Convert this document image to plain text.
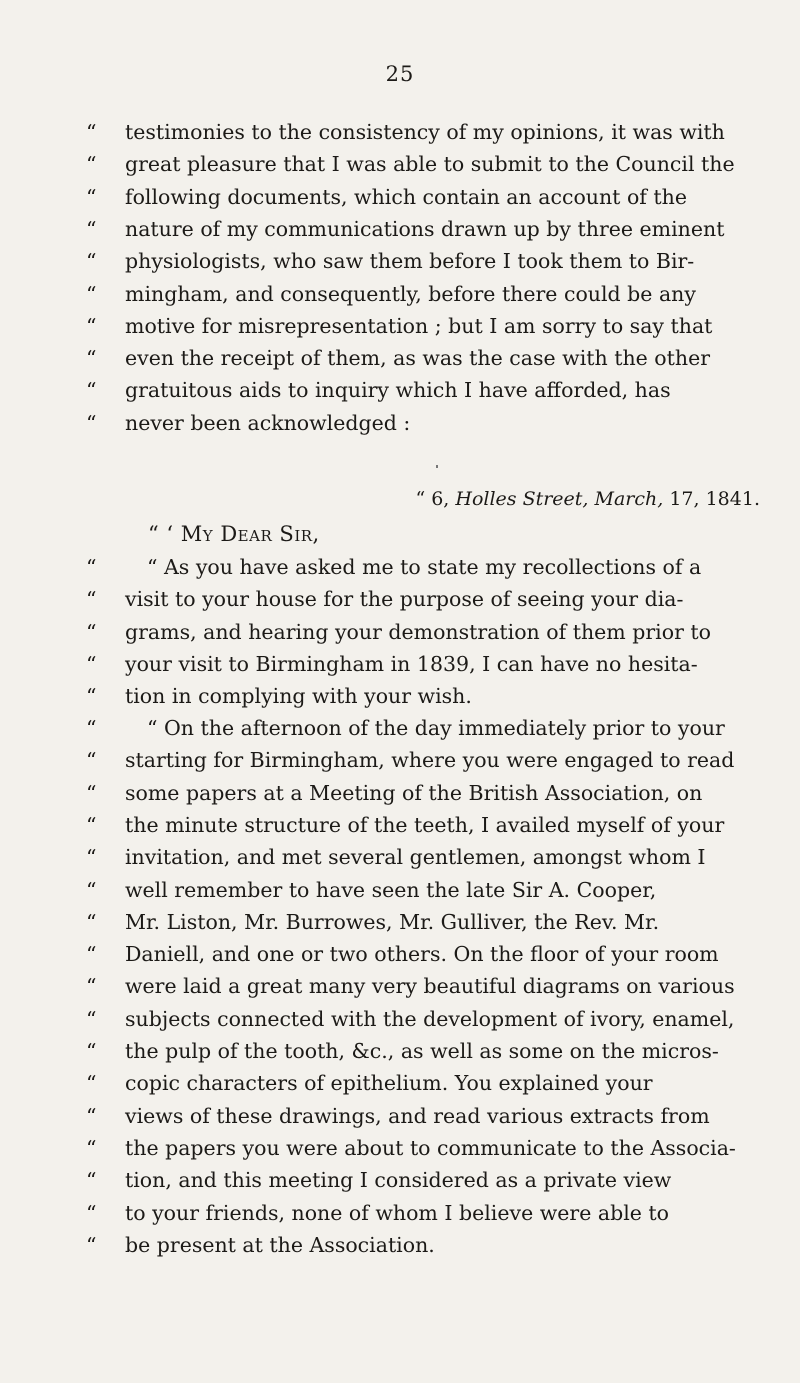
25
“	testimonies to the consistency of my opinions, it was with
“	great pleasure that I was able to submit to the Council the
“	following documents, which contain an account of the
“	nature of my communications drawn up by three eminent
“	physiologists, who saw them before I took them to Bir-
“	mingham, and consequently, before there could be any
“	motive for misrepresentation ; but I am sorry to say that
“	even the receipt of them, as was the case with the other
“	gratuitous aids to inquiry which I have afforded, has
“	never been acknowledged :
“	“ As you have asked me to state my recollections of a
“	visit to your house for the purpose of seeing your dia-
“	grams, and hearing your demonstration of them prior to
“	your visit to Birmingham in 1839, I can have no hesita-
“	tion in complying with your wish.
“	“ On the afternoon of the day immediately prior to your
“	starting for Birmingham, where you were engaged to read
“	some papers at a Meeting of the British Association, on
“	the minute structure of the teeth, I availed myself of your
“	invitation, and met several gentlemen, amongst whom I
“	well remember to have seen the late Sir A. Cooper,
“	Mr. Liston, Mr. Burrowes, Mr. Gulliver, the Rev. Mr.
“	Daniell, and one or two others. On the floor of your room
“	were laid a great many very beautiful diagrams on various
“	subjects connected with the development of ivory, enamel,
“	the pulp of the tooth, &c., as well as some on the micros-
“	copic characters of epithelium. You explained your
“	views of these drawings, and read various extracts from
“	the papers you were about to communicate to the Associa-
“	tion, and this meeting I considered as a private view
“	to your friends, none of whom I believe were able to
“	be present at the Association.
“ 6, Holles Street, March, 17, 1841.
“ ‘ My Dear Sir,
